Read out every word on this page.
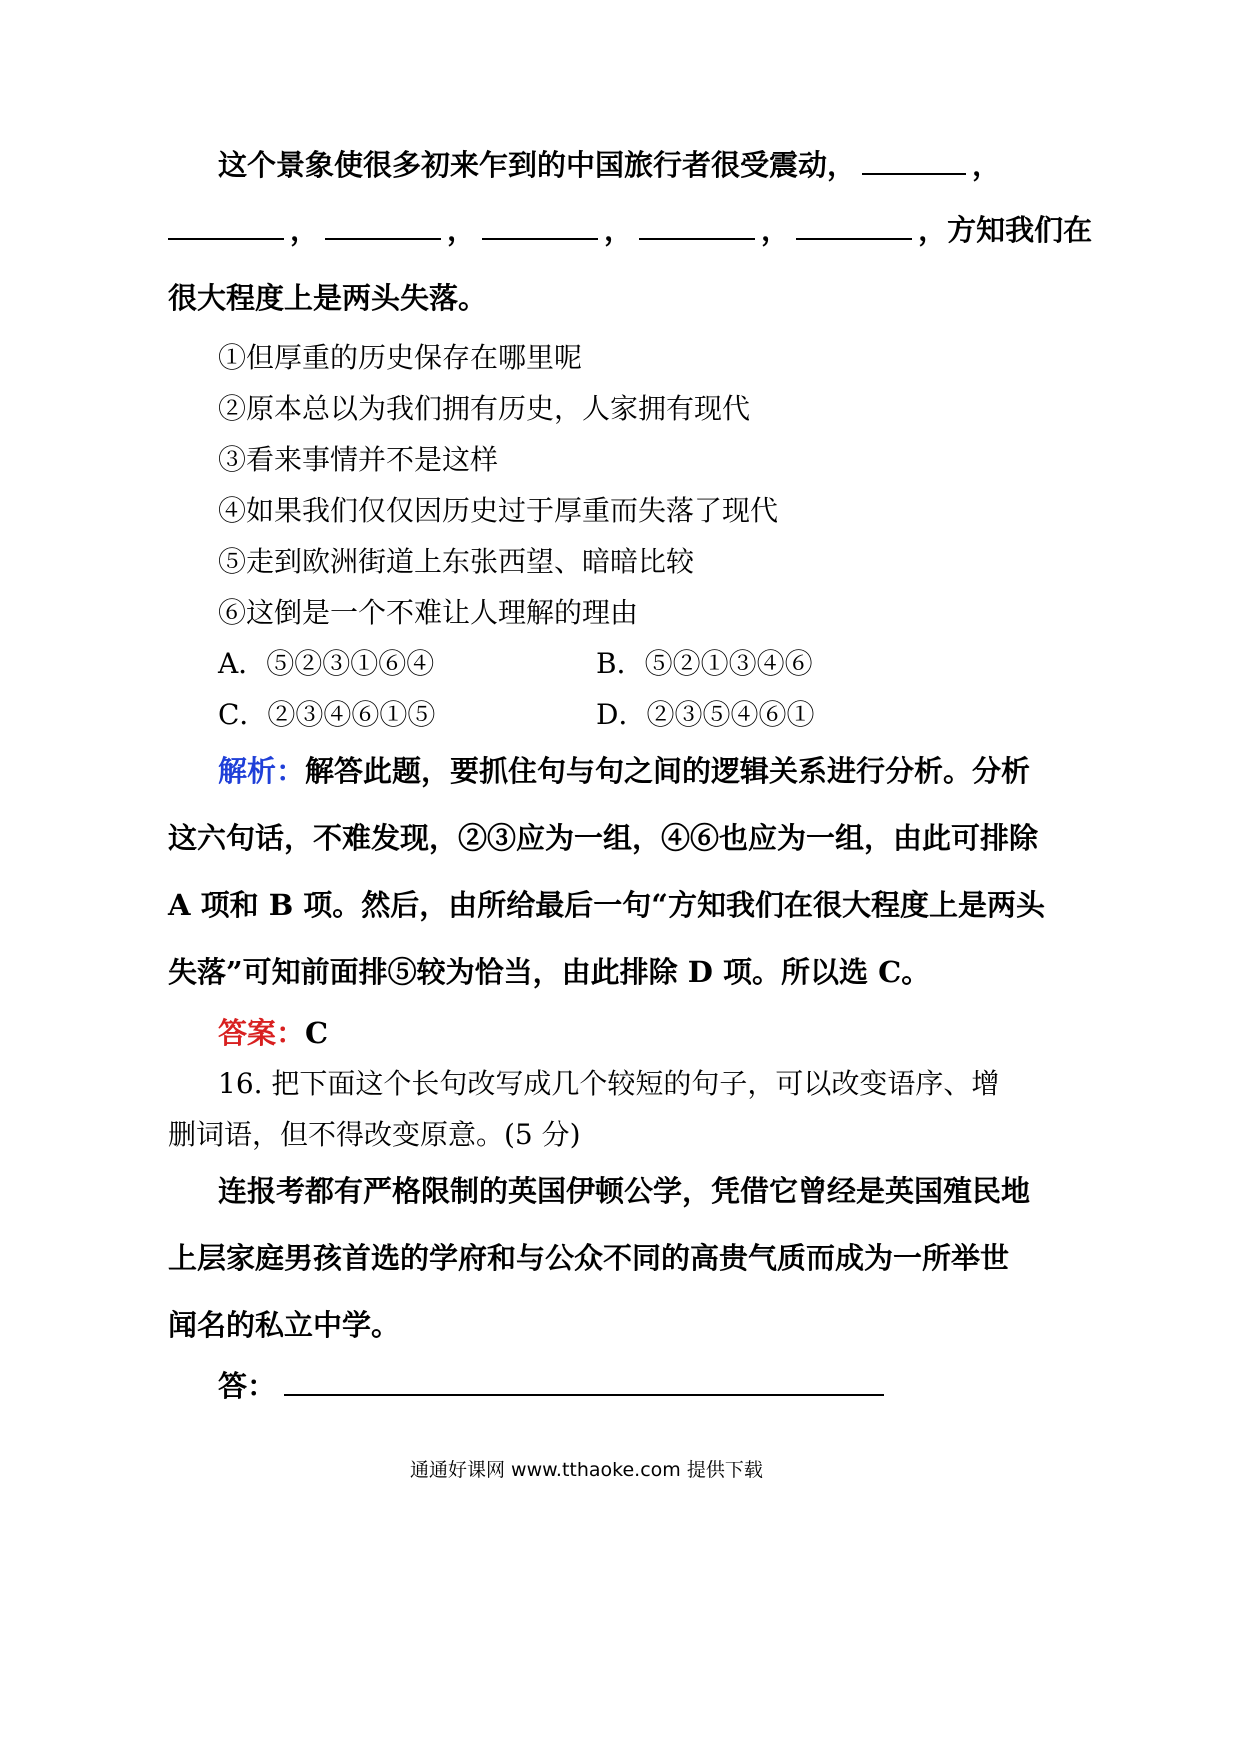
这个景象使很多初来乍到的中国旅行者很受震动，	，
，	，	，	，	，方知我们在
很大程度上是两头失落。
①但厚重的历史保存在哪里呢
②原本总以为我们拥有历史，人家拥有现代
③看来事情并不是这样
④如果我们仅仅因历史过于厚重而失落了现代
⑤走到欧洲街道上东张西望、暗暗比较
⑥这倒是一个不难让人理解的理由
A．⑤②③①⑥④	B．⑤②①③④⑥
C．②③④⑥①⑤	D．②③⑤④⑥①
解析：解答此题，要抓住句与句之间的逻辑关系进行分析。分析
这六句话，不难发现，②③应为一组，④⑥也应为一组，由此可排除
A 项和 B 项。然后，由所给最后一句“方知我们在很大程度上是两头
失落”可知前面排⑤较为恰当，由此排除 D 项。所以选 C。
答案：C
16. 把下面这个长句改写成几个较短的句子，可以改变语序、增
删词语，但不得改变原意。(5 分)
连报考都有严格限制的英国伊顿公学，凭借它曾经是英国殖民地
上层家庭男孩首选的学府和与公众不同的高贵气质而成为一所举世
闻名的私立中学。
答：
通通好课网 www.tthaoke.com 提供下载
